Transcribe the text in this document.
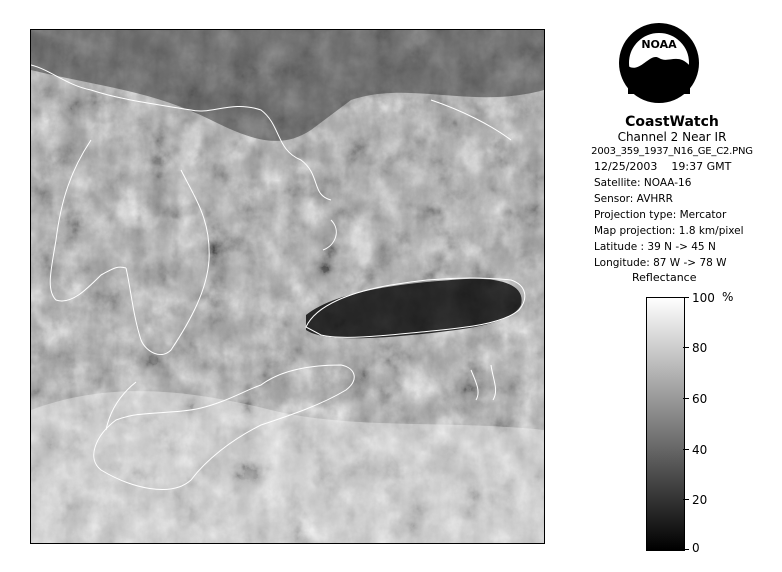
NOAA
CoastWatch
Channel 2 Near IR
2003_359_1937_N16_GE_C2.PNG
12/25/2003    19:37 GMT
Satellite: NOAA-16
Sensor: AVHRR
Projection type: Mercator
Map projection: 1.8 km/pixel
Latitude : 39 N -> 45 N
Longitude: 87 W -> 78 W
Reflectance
%
100
80
60
40
20
0
